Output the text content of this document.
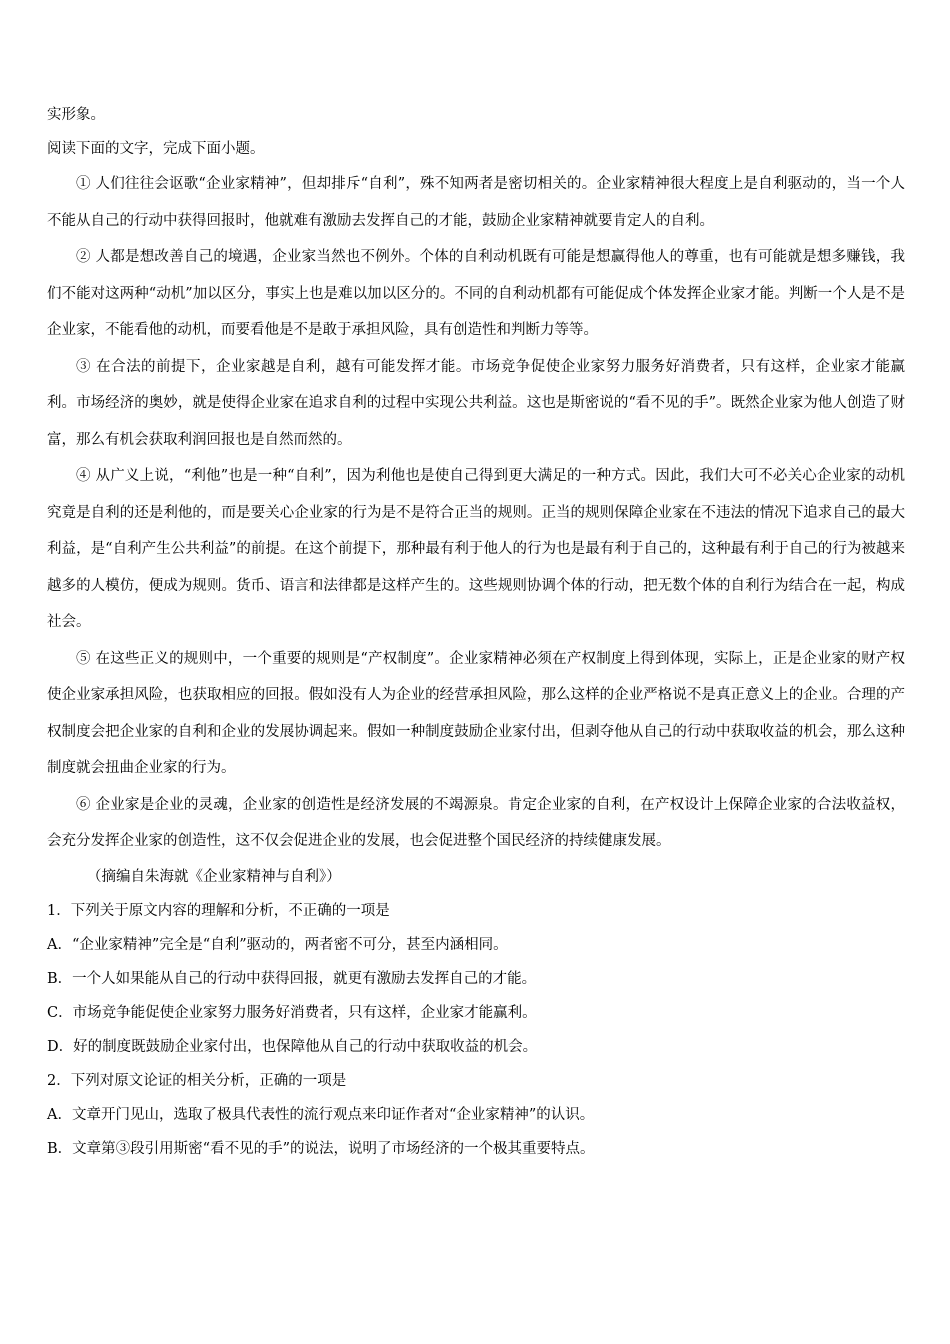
实形象。

阅读下面的文字，完成下面小题。

① 人们往往会讴歌“企业家精神”，但却排斥“自利”，殊不知两者是密切相关的。企业家精神很大程度上是自利驱动的，当一个人不能从自己的行动中获得回报时，他就难有激励去发挥自己的才能，鼓励企业家精神就要肯定人的自利。

② 人都是想改善自己的境遇，企业家当然也不例外。个体的自利动机既有可能是想赢得他人的尊重，也有可能就是想多赚钱，我们不能对这两种“动机”加以区分，事实上也是难以加以区分的。不同的自利动机都有可能促成个体发挥企业家才能。判断一个人是不是企业家，不能看他的动机，而要看他是不是敢于承担风险，具有创造性和判断力等等。

③ 在合法的前提下，企业家越是自利，越有可能发挥才能。市场竞争促使企业家努力服务好消费者，只有这样，企业家才能赢利。市场经济的奥妙，就是使得企业家在追求自利的过程中实现公共利益。这也是斯密说的“看不见的手”。既然企业家为他人创造了财富，那么有机会获取利润回报也是自然而然的。

④ 从广义上说，“利他”也是一种“自利”，因为利他也是使自己得到更大满足的一种方式。因此，我们大可不必关心企业家的动机究竟是自利的还是利他的，而是要关心企业家的行为是不是符合正当的规则。正当的规则保障企业家在不违法的情况下追求自己的最大利益，是“自利产生公共利益”的前提。在这个前提下，那种最有利于他人的行为也是最有利于自己的，这种最有利于自己的行为被越来越多的人模仿，便成为规则。货币、语言和法律都是这样产生的。这些规则协调个体的行动，把无数个体的自利行为结合在一起，构成社会。

⑤ 在这些正义的规则中，一个重要的规则是“产权制度”。企业家精神必须在产权制度上得到体现，实际上，正是企业家的财产权使企业家承担风险，也获取相应的回报。假如没有人为企业的经营承担风险，那么这样的企业严格说不是真正意义上的企业。合理的产权制度会把企业家的自利和企业的发展协调起来。假如一种制度鼓励企业家付出，但剥夺他从自己的行动中获取收益的机会，那么这种制度就会扭曲企业家的行为。

⑥ 企业家是企业的灵魂，企业家的创造性是经济发展的不竭源泉。肯定企业家的自利，在产权设计上保障企业家的合法收益权，会充分发挥企业家的创造性，这不仅会促进企业的发展，也会促进整个国民经济的持续健康发展。

（摘编自朱海就《企业家精神与自利》）

1．下列关于原文内容的理解和分析，不正确的一项是

A．“企业家精神”完全是“自利”驱动的，两者密不可分，甚至内涵相同。

B．一个人如果能从自己的行动中获得回报，就更有激励去发挥自己的才能。

C．市场竞争能促使企业家努力服务好消费者，只有这样，企业家才能赢利。

D．好的制度既鼓励企业家付出，也保障他从自己的行动中获取收益的机会。

2．下列对原文论证的相关分析，正确的一项是

A．文章开门见山，选取了极具代表性的流行观点来印证作者对“企业家精神”的认识。

B．文章第③段引用斯密“看不见的手”的说法，说明了市场经济的一个极其重要特点。
